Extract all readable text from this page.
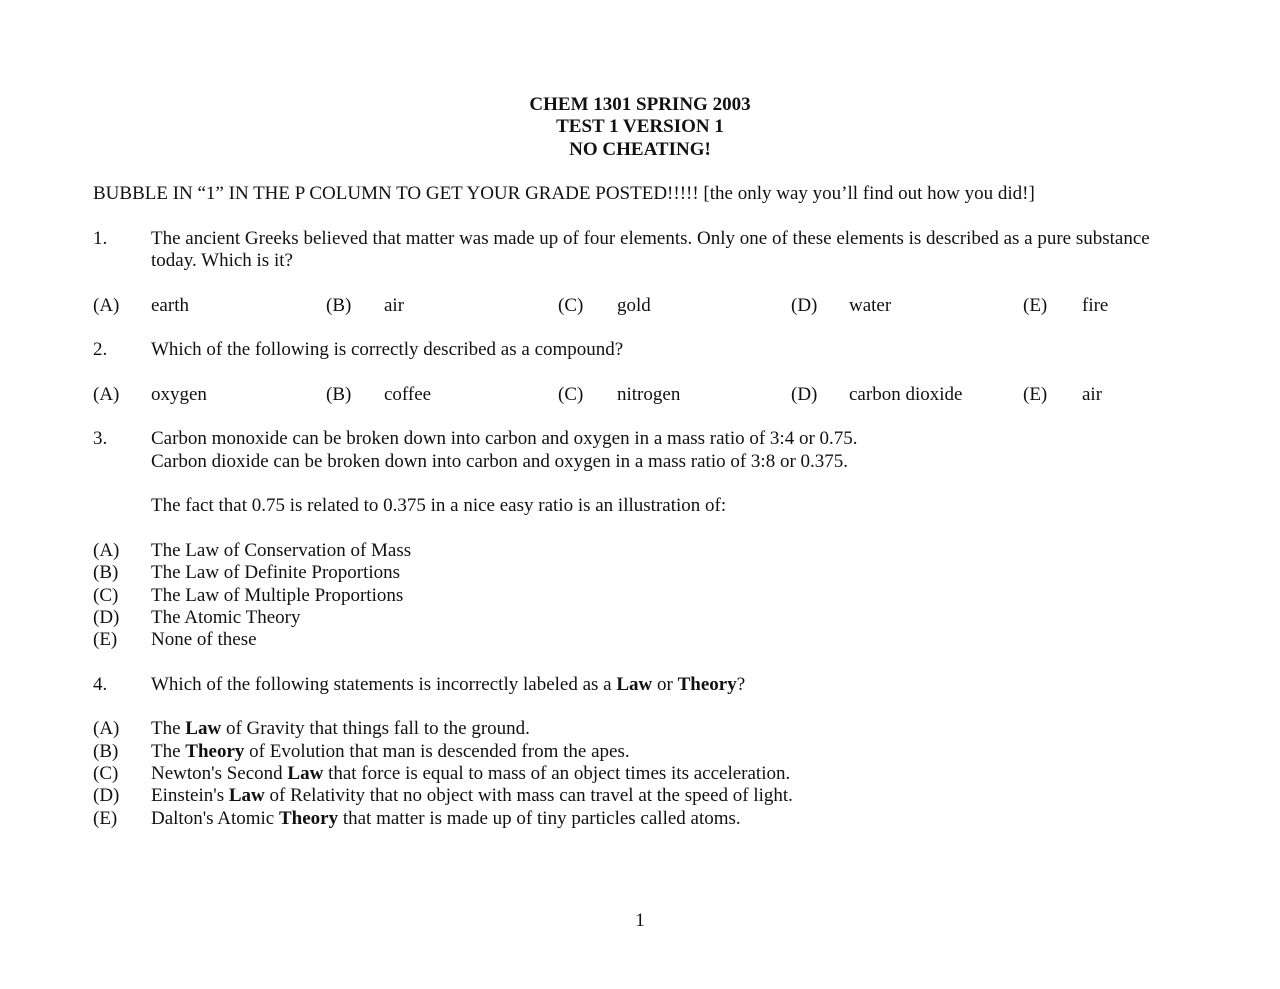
CHEM 1301 SPRING 2003
TEST 1 VERSION 1
NO CHEATING!
BUBBLE IN “1” IN THE P COLUMN TO GET YOUR GRADE POSTED!!!!! [the only way you’ll find out how you did!]
1. The ancient Greeks believed that matter was made up of four elements. Only one of these elements is described as a pure substance
today. Which is it?
(A) earth	(B) air	(C) gold	(D) water	(E) fire
2. Which of the following is correctly described as a compound?
(A) oxygen	(B) coffee	(C) nitrogen	(D) carbon dioxide	(E) air
3. Carbon monoxide can be broken down into carbon and oxygen in a mass ratio of 3:4 or 0.75.
Carbon dioxide can be broken down into carbon and oxygen in a mass ratio of 3:8 or 0.375.
The fact that 0.75 is related to 0.375 in a nice easy ratio is an illustration of:
(A) The Law of Conservation of Mass
(B) The Law of Definite Proportions
(C) The Law of Multiple Proportions
(D) The Atomic Theory
(E) None of these
4. Which of the following statements is incorrectly labeled as a Law or Theory?
(A) The Law of Gravity that things fall to the ground.
(B) The Theory of Evolution that man is descended from the apes.
(C) Newton's Second Law that force is equal to mass of an object times its acceleration.
(D) Einstein's Law of Relativity that no object with mass can travel at the speed of light.
(E) Dalton's Atomic Theory that matter is made up of tiny particles called atoms.
1
